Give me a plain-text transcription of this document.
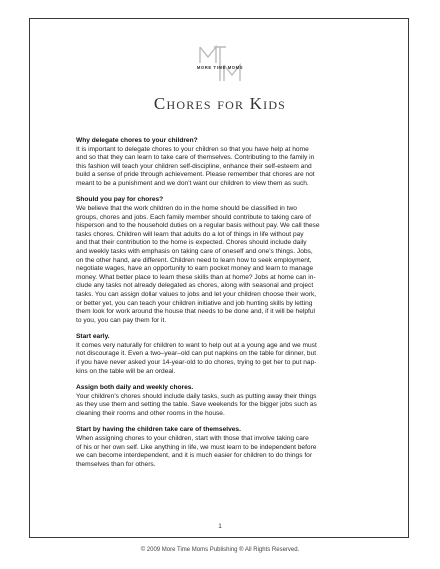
MORE TIME MOMS
Chores for Kids
Why delegate chores to your children?
It is important to delegate chores to your children so that you have help at home
and so that they can learn to take care of themselves. Contributing to the family in
this fashion will teach your children self-discipline, enhance their self-esteem and
build a sense of pride through achievement. Please remember that chores are not
meant to be a punishment and we don’t want our children to view them as such.
Should you pay for chores?
We believe that the work children do in the home should be classified in two
groups, chores and jobs. Each family member should contribute to taking care of
hisperson and to the household duties on a regular basis without pay. We call these
tasks chores. Children will learn that adults do a lot of things in life without pay
and that their contribution to the home is expected. Chores should include daily
and weekly tasks with emphasis on taking care of oneself and one’s things. Jobs,
on the other hand, are different. Children need to learn how to seek employment,
negotiate wages, have an opportunity to earn pocket money and learn to manage
money. What better place to learn these skills than at home? Jobs at home can in-
clude any tasks not already delegated as chores, along with seasonal and project
tasks. You can assign dollar values to jobs and let your children choose their work,
or better yet, you can teach your children initiative and job hunting skills by letting
them look for work around the house that needs to be done and, if it will be helpful
to you, you can pay them for it.
Start early.
It comes very naturally for children to want to help out at a young age and we must
not discourage it. Even a two–year–old can put napkins on the table for dinner, but
if you have never asked your 14-year-old to do chores, trying to get her to put nap-
kins on the table will be an ordeal.
Assign both daily and weekly chores.
Your children’s chores should include daily tasks, such as putting away their things
as they use them and setting the table. Save weekends for the bigger jobs such as
cleaning their rooms and other rooms in the house.
Start by having the children take care of themselves.
When assigning chores to your children, start with those that involve taking care
of his or her own self. Like anything in life, we must learn to be independent before
we can become interdependent, and it is much easier for children to do things for
themselves than for others.
1
© 2009 More Time Moms Publishing ® All Rights Reserved.
